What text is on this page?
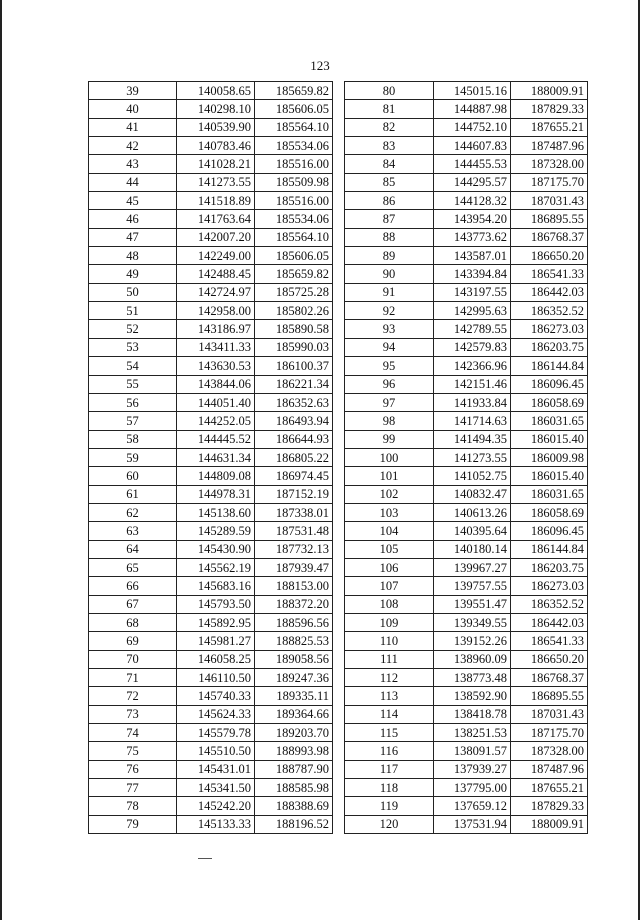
123
39	140058.65	185659.82
40	140298.10	185606.05
41	140539.90	185564.10
42	140783.46	185534.06
43	141028.21	185516.00
44	141273.55	185509.98
45	141518.89	185516.00
46	141763.64	185534.06
47	142007.20	185564.10
48	142249.00	185606.05
49	142488.45	185659.82
50	142724.97	185725.28
51	142958.00	185802.26
52	143186.97	185890.58
53	143411.33	185990.03
54	143630.53	186100.37
55	143844.06	186221.34
56	144051.40	186352.63
57	144252.05	186493.94
58	144445.52	186644.93
59	144631.34	186805.22
60	144809.08	186974.45
61	144978.31	187152.19
62	145138.60	187338.01
63	145289.59	187531.48
64	145430.90	187732.13
65	145562.19	187939.47
66	145683.16	188153.00
67	145793.50	188372.20
68	145892.95	188596.56
69	145981.27	188825.53
70	146058.25	189058.56
71	146110.50	189247.36
72	145740.33	189335.11
73	145624.33	189364.66
74	145579.78	189203.70
75	145510.50	188993.98
76	145431.01	188787.90
77	145341.50	188585.98
78	145242.20	188388.69
79	145133.33	188196.52
80	145015.16	188009.91
81	144887.98	187829.33
82	144752.10	187655.21
83	144607.83	187487.96
84	144455.53	187328.00
85	144295.57	187175.70
86	144128.32	187031.43
87	143954.20	186895.55
88	143773.62	186768.37
89	143587.01	186650.20
90	143394.84	186541.33
91	143197.55	186442.03
92	142995.63	186352.52
93	142789.55	186273.03
94	142579.83	186203.75
95	142366.96	186144.84
96	142151.46	186096.45
97	141933.84	186058.69
98	141714.63	186031.65
99	141494.35	186015.40
100	141273.55	186009.98
101	141052.75	186015.40
102	140832.47	186031.65
103	140613.26	186058.69
104	140395.64	186096.45
105	140180.14	186144.84
106	139967.27	186203.75
107	139757.55	186273.03
108	139551.47	186352.52
109	139349.55	186442.03
110	139152.26	186541.33
111	138960.09	186650.20
112	138773.48	186768.37
113	138592.90	186895.55
114	138418.78	187031.43
115	138251.53	187175.70
116	138091.57	187328.00
117	137939.27	187487.96
118	137795.00	187655.21
119	137659.12	187829.33
120	137531.94	188009.91
